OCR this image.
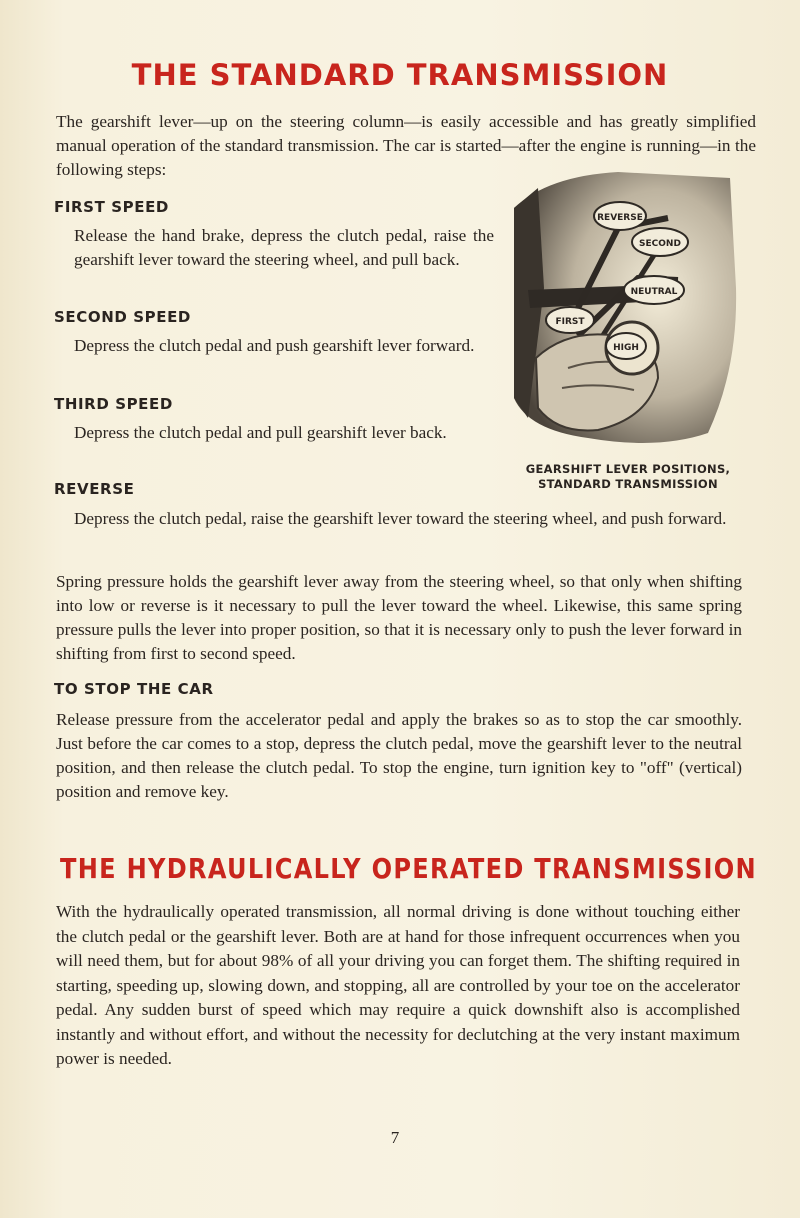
THE STANDARD TRANSMISSION

The gearshift lever—up on the steering column—is easily accessible and has greatly simplified manual operation of the standard transmission. The car is started—after the engine is running—in the following steps:

FIRST SPEED

Release the hand brake, depress the clutch pedal, raise the gearshift lever toward the steering wheel, and pull back.

SECOND SPEED

Depress the clutch pedal and push gearshift lever forward.

THIRD SPEED

Depress the clutch pedal and pull gearshift lever back.

REVERSE

Depress the clutch pedal, raise the gearshift lever toward the steering wheel, and push forward.

REVERSE
SECOND
NEUTRAL
FIRST
HIGH

GEARSHIFT LEVER POSITIONS,
STANDARD TRANSMISSION

Spring pressure holds the gearshift lever away from the steering wheel, so that only when shifting into low or reverse is it necessary to pull the lever toward the wheel. Likewise, this same spring pressure pulls the lever into proper position, so that it is necessary only to push the lever forward in shifting from first to second speed.

TO STOP THE CAR

Release pressure from the accelerator pedal and apply the brakes so as to stop the car smoothly. Just before the car comes to a stop, depress the clutch pedal, move the gearshift lever to the neutral position, and then release the clutch pedal. To stop the engine, turn ignition key to "off" (vertical) position and remove key.

THE HYDRAULICALLY OPERATED TRANSMISSION

With the hydraulically operated transmission, all normal driving is done without touching either the clutch pedal or the gearshift lever. Both are at hand for those infrequent occurrences when you will need them, but for about 98% of all your driving you can forget them. The shifting required in starting, speeding up, slowing down, and stopping, all are controlled by your toe on the accelerator pedal. Any sudden burst of speed which may require a quick downshift also is accomplished instantly and without effort, and without the necessity for declutching at the very instant maximum power is needed.

7
